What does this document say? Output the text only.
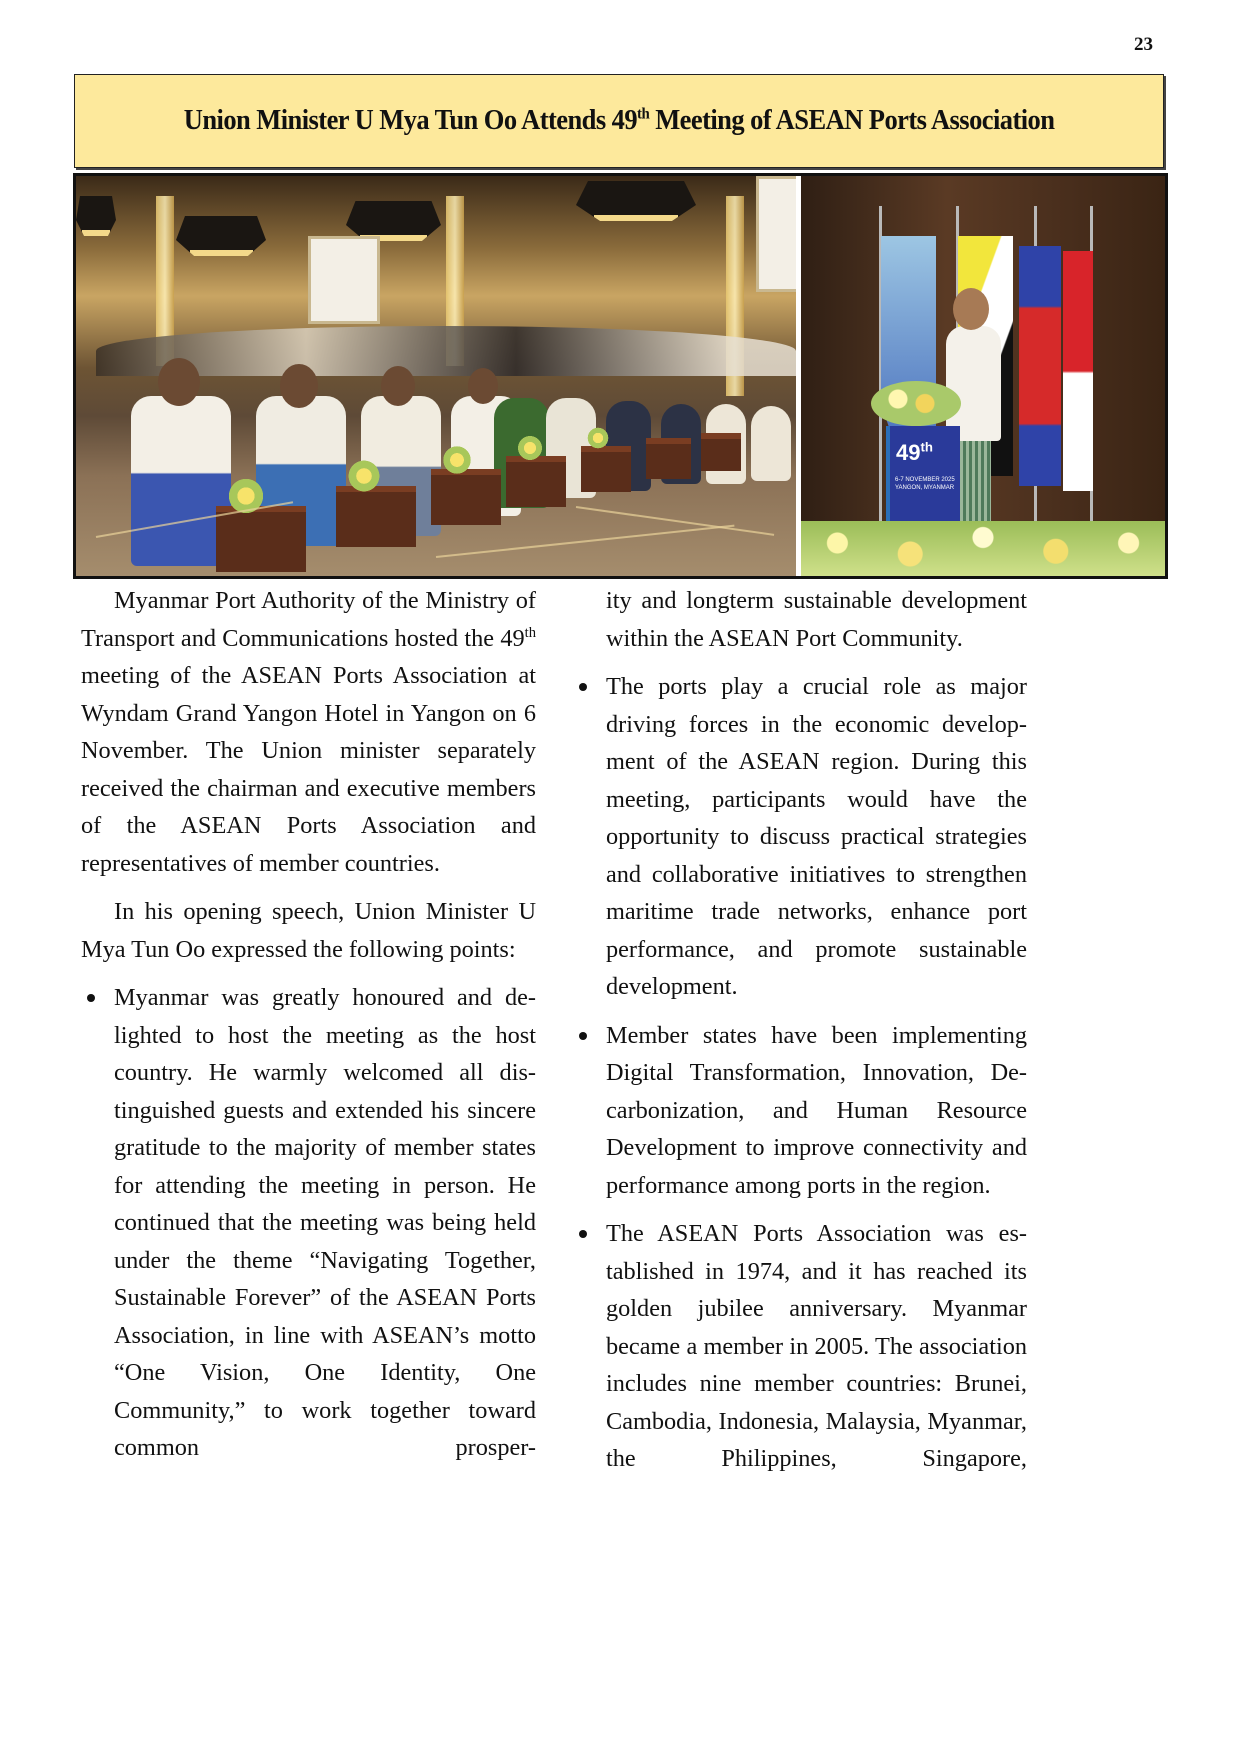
23
Union Minister U Mya Tun Oo Attends 49th Meeting of ASEAN Ports Association
49th
6-7 NOVEMBER 2025
YANGON, MYANMAR

Myanmar Port Authority of the Ministry of Transport and Communications hosted the 49th meeting of the ASEAN Ports Association at Wyndam Grand Yangon Hotel in Yangon on 6 November. The Union minister separately received the chairman and executive members of the ASEAN Ports Association and representatives of member countries.

In his opening speech, Union Minister U Mya Tun Oo expressed the following points:

Myanmar was greatly honoured and delighted to host the meeting as the host country. He warmly welcomed all distinguished guests and extended his sincere gratitude to the majority of member states for attending the meeting in person. He continued that the meeting was being held under the theme “Navigating Together, Sustainable Forever” of the ASEAN Ports Association, in line with ASEAN’s motto “One Vision, One Identity, One Community,” to work together toward common prosper-

ity and longterm sustainable development within the ASEAN Port Community.

The ports play a crucial role as major driving forces in the economic development of the ASEAN region. During this meeting, participants would have the opportunity to discuss practical strategies and collaborative initiatives to strengthen maritime trade networks, enhance port performance, and promote sustainable development.

Member states have been implementing Digital Transformation, Innovation, Decarbonization, and Human Resource Development to improve connectivity and performance among ports in the region.

The ASEAN Ports Association was established in 1974, and it has reached its golden jubilee anniversary. Myanmar became a member in 2005. The association includes nine member countries: Brunei, Cambodia, Indonesia, Malaysia, Myanmar, the Philippines, Singapore,
